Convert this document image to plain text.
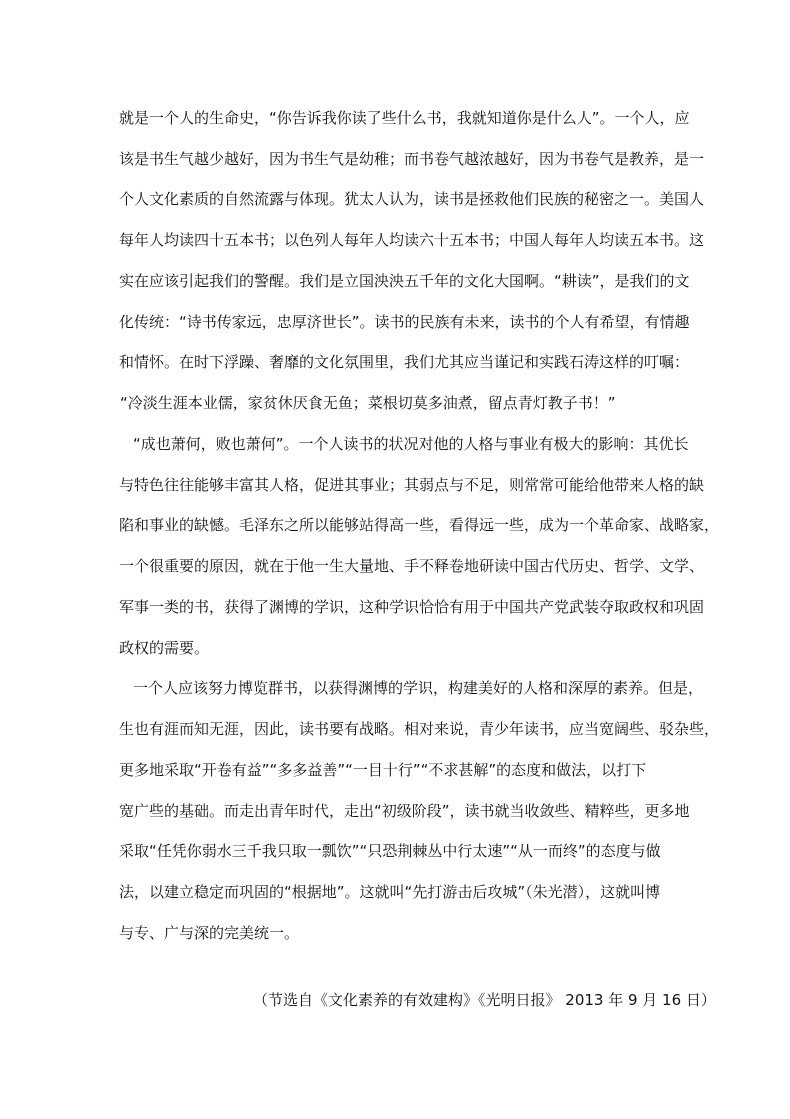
就是一个人的生命史，“你告诉我你读了些什么书，我就知道你是什么人”。一个人，应
该是书生气越少越好，因为书生气是幼稚；而书卷气越浓越好，因为书卷气是教养，是一
个人文化素质的自然流露与体现。犹太人认为，读书是拯救他们民族的秘密之一。美国人
每年人均读四十五本书；以色列人每年人均读六十五本书；中国人每年人均读五本书。这
实在应该引起我们的警醒。我们是立国泱泱五千年的文化大国啊。“耕读”，是我们的文
化传统：“诗书传家远，忠厚济世长”。读书的民族有未来，读书的个人有希望，有情趣
和情怀。在时下浮躁、奢靡的文化氛围里，我们尤其应当谨记和实践石涛这样的叮嘱：
“冷淡生涯本业儒，家贫休厌食无鱼；菜根切莫多油煮，留点青灯教子书！”
“成也萧何，败也萧何”。一个人读书的状况对他的人格与事业有极大的影响：其优长
与特色往往能够丰富其人格，促进其事业；其弱点与不足，则常常可能给他带来人格的缺
陷和事业的缺憾。毛泽东之所以能够站得高一些，看得远一些，成为一个革命家、战略家，
一个很重要的原因，就在于他一生大量地、手不释卷地研读中国古代历史、哲学、文学、
军事一类的书，获得了渊博的学识，这种学识恰恰有用于中国共产党武装夺取政权和巩固
政权的需要。
一个人应该努力博览群书，以获得渊博的学识，构建美好的人格和深厚的素养。但是，
生也有涯而知无涯，因此，读书要有战略。相对来说，青少年读书，应当宽阔些、驳杂些，
更多地采取“开卷有益”“多多益善”“一目十行”“不求甚解”的态度和做法，以打下
宽广些的基础。而走出青年时代，走出“初级阶段”，读书就当收敛些、精粹些，更多地
采取“任凭你弱水三千我只取一瓢饮”“只恐荆棘丛中行太速”“从一而终”的态度与做
法，以建立稳定而巩固的“根据地”。这就叫“先打游击后攻城”（朱光潜），这就叫博
与专、广与深的完美统一。
（节选自《文化素养的有效建构》《光明日报》 2013 年 9 月 16 日）
